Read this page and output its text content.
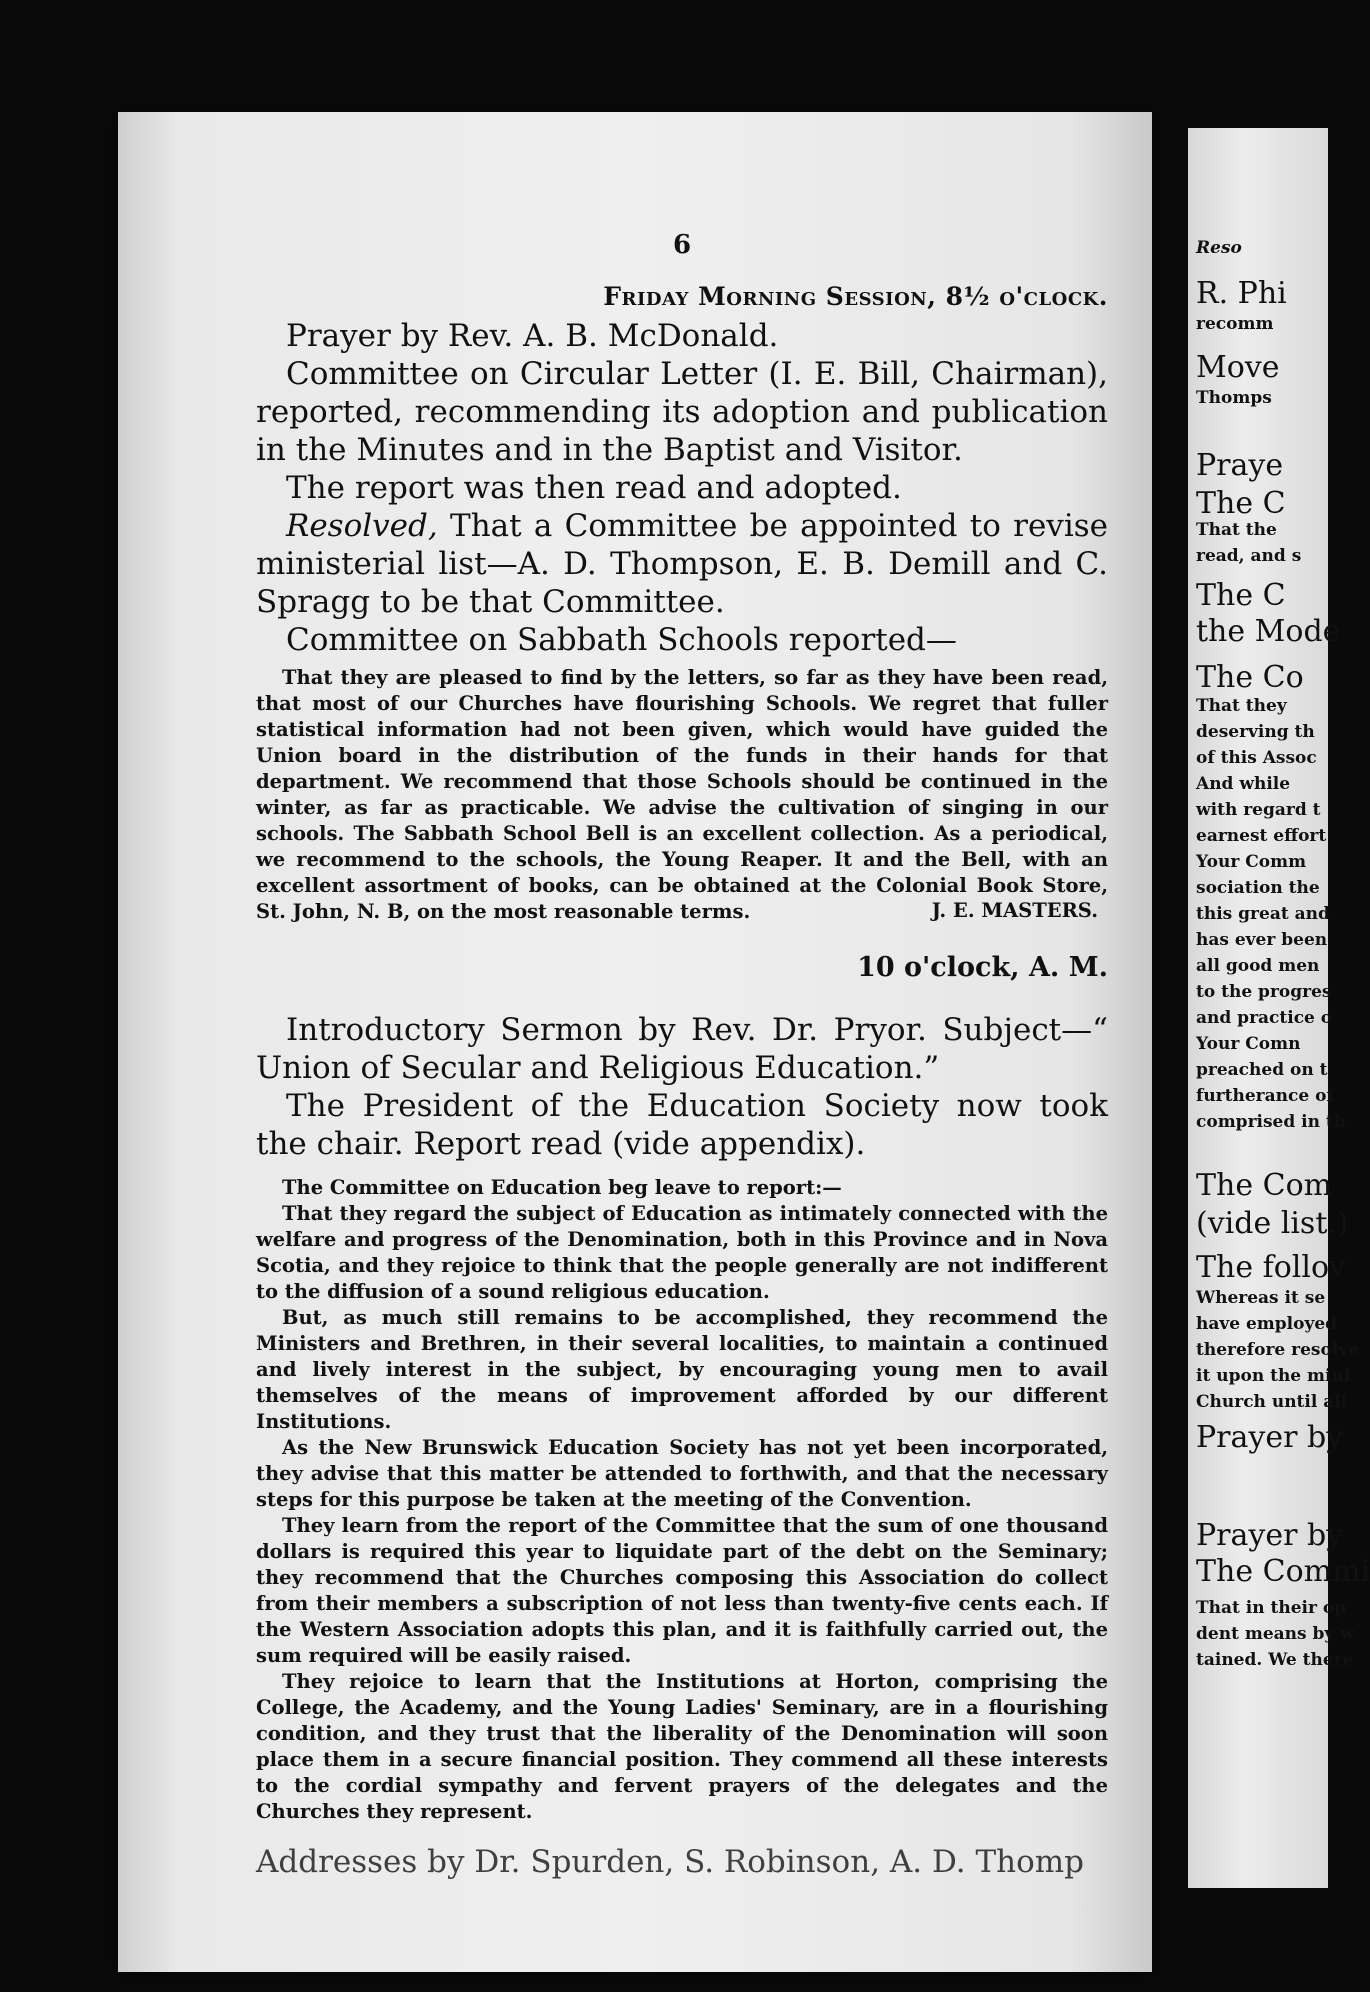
6
Friday Morning Session, 8½ o'clock.

Prayer by Rev. A. B. McDonald.

Committee on Circular Letter (I. E. Bill, Chairman), reported, recommending its adoption and publication in the Minutes and in the Baptist and Visitor.

The report was then read and adopted.

Resolved, That a Committee be appointed to revise ministerial list—A. D. Thompson, E. B. Demill and C. Spragg to be that Committee.

Committee on Sabbath Schools reported—

That they are pleased to find by the letters, so far as they have been read, that most of our Churches have flourishing Schools. We regret that fuller statistical information had not been given, which would have guided the Union board in the distribution of the funds in their hands for that department. We recommend that those Schools should be continued in the winter, as far as practicable. We advise the cultivation of singing in our schools. The Sabbath School Bell is an excellent collection. As a periodical, we recommend to the schools, the Young Reaper. It and the Bell, with an excellent assortment of books, can be obtained at the Colonial Book Store, St. John, N. B, on the most reasonable terms.	J. E. MASTERS.
10 o'clock, A. M.

Introductory Sermon by Rev. Dr. Pryor. Subject—“ Union of Secular and Religious Education.”

The President of the Education Society now took the chair. Report read (vide appendix).

The Committee on Education beg leave to report:—

That they regard the subject of Education as intimately connected with the welfare and progress of the Denomination, both in this Province and in Nova Scotia, and they rejoice to think that the people generally are not indifferent to the diffusion of a sound religious education.

But, as much still remains to be accomplished, they recommend the Ministers and Brethren, in their several localities, to maintain a continued and lively interest in the subject, by encouraging young men to avail themselves of the means of improvement afforded by our different Institutions.

As the New Brunswick Education Society has not yet been incorporated, they advise that this matter be attended to forthwith, and that the necessary steps for this purpose be taken at the meeting of the Convention.

They learn from the report of the Committee that the sum of one thousand dollars is required this year to liquidate part of the debt on the Seminary; they recommend that the Churches composing this Association do collect from their members a subscription of not less than twenty-five cents each. If the Western Association adopts this plan, and it is faithfully carried out, the sum required will be easily raised.

They rejoice to learn that the Institutions at Horton, comprising the College, the Academy, and the Young Ladies' Seminary, are in a flourishing condition, and they trust that the liberality of the Denomination will soon place them in a secure financial position. They commend all these interests to the cordial sympathy and fervent prayers of the delegates and the Churches they represent.

Addresses by Dr. Spurden, S. Robinson, A. D. Thomp
Reso
R. Phi
recomm
Move
Thomps
Praye
The C
That the
read, and s
The C
the Mode
The Co
That they
deserving th
of this Assoc
And while
with regard t
earnest effort
Your Comm
sociation the
this great and
has ever been
all good men
to the progres
and practice o
Your Comn
preached on t
furtherance of
comprised in th
The Com
(vide list.)
The follov
Whereas it se
have employed
therefore resolve
it upon the mini
Church until all
Prayer by
Prayer by
The Commi
That in their op
dent means by w
tained. We there
